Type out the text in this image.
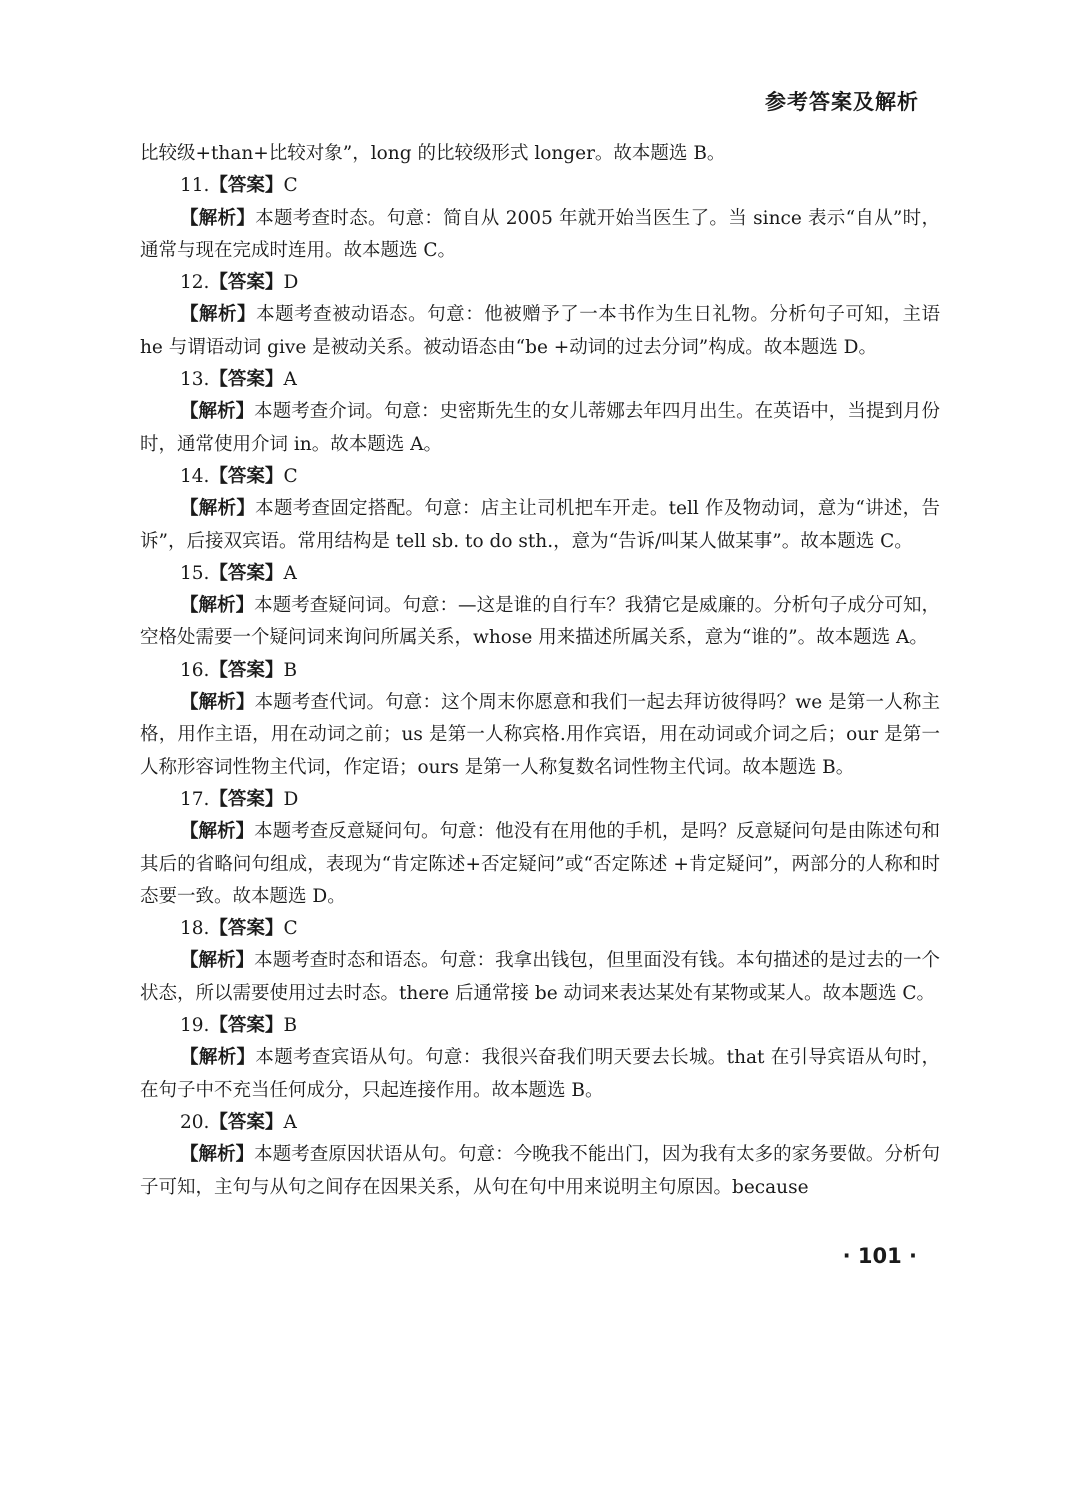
参考答案及解析

比较级+than+比较对象”，long 的比较级形式 longer。故本题选 B。

11.【答案】C

【解析】本题考查时态。句意：简自从 2005 年就开始当医生了。当 since 表示“自从”时，通常与现在完成时连用。故本题选 C。

12.【答案】D

【解析】本题考查被动语态。句意：他被赠予了一本书作为生日礼物。分析句子可知，主语 he 与谓语动词 give 是被动关系。被动语态由“be +动词的过去分词”构成。故本题选 D。

13.【答案】A

【解析】本题考查介词。句意：史密斯先生的女儿蒂娜去年四月出生。在英语中，当提到月份时，通常使用介词 in。故本题选 A。

14.【答案】C

【解析】本题考查固定搭配。句意：店主让司机把车开走。tell 作及物动词，意为“讲述，告诉”，后接双宾语。常用结构是 tell sb. to do sth.，意为“告诉/叫某人做某事”。故本题选 C。

15.【答案】A

【解析】本题考查疑问词。句意：—这是谁的自行车？我猜它是威廉的。分析句子成分可知，空格处需要一个疑问词来询问所属关系，whose 用来描述所属关系，意为“谁的”。故本题选 A。

16.【答案】B

【解析】本题考查代词。句意：这个周末你愿意和我们一起去拜访彼得吗？we 是第一人称主格，用作主语，用在动词之前；us 是第一人称宾格.用作宾语，用在动词或介词之后；our 是第一人称形容词性物主代词，作定语；ours 是第一人称复数名词性物主代词。故本题选 B。

17.【答案】D

【解析】本题考查反意疑问句。句意：他没有在用他的手机，是吗？反意疑问句是由陈述句和其后的省略问句组成，表现为“肯定陈述+否定疑问”或“否定陈述 +肯定疑问”，两部分的人称和时态要一致。故本题选 D。

18.【答案】C

【解析】本题考查时态和语态。句意：我拿出钱包，但里面没有钱。本句描述的是过去的一个状态，所以需要使用过去时态。there 后通常接 be 动词来表达某处有某物或某人。故本题选 C。

19.【答案】B

【解析】本题考查宾语从句。句意：我很兴奋我们明天要去长城。that 在引导宾语从句时，在句子中不充当任何成分，只起连接作用。故本题选 B。

20.【答案】A

【解析】本题考查原因状语从句。句意：今晚我不能出门，因为我有太多的家务要做。分析句子可知，主句与从句之间存在因果关系，从句在句中用来说明主句原因。because

· 101 ·
